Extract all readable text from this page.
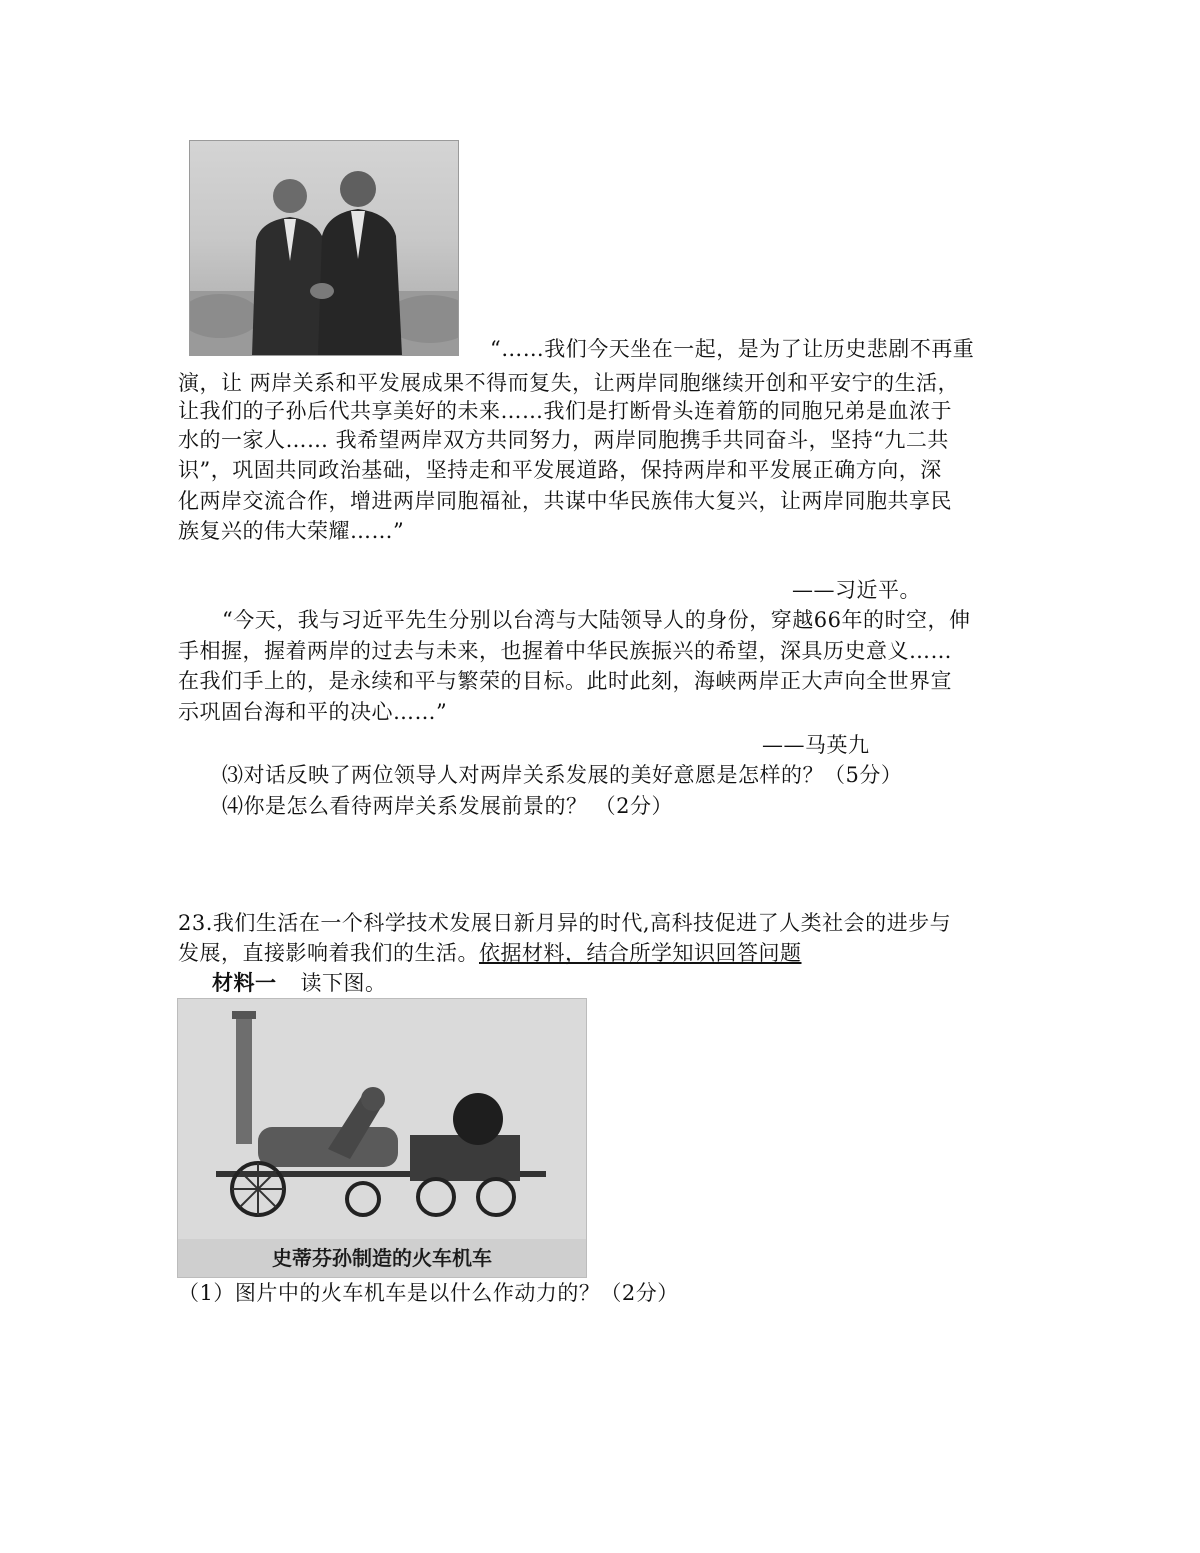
“……我们今天坐在一起，是为了让历史悲剧不再重
演，让 两岸关系和平发展成果不得而复失，让两岸同胞继续开创和平安宁的生活，
让我们的子孙后代共享美好的未来……我们是打断骨头连着筋的同胞兄弟是血浓于
水的一家人…… 我希望两岸双方共同努力，两岸同胞携手共同奋斗，坚持“九二共
识”，巩固共同政治基础，坚持走和平发展道路，保持两岸和平发展正确方向，深
化两岸交流合作，增进两岸同胞福祉，共谋中华民族伟大复兴，让两岸同胞共享民
族复兴的伟大荣耀……”
——习近平。
“今天，我与习近平先生分别以台湾与大陆领导人的身份，穿越66年的时空，伸
手相握，握着两岸的过去与未来，也握着中华民族振兴的希望，深具历史意义……
在我们手上的，是永续和平与繁荣的目标。此时此刻，海峡两岸正大声向全世界宣
示巩固台海和平的决心……”
——马英九
⑶对话反映了两位领导人对两岸关系发展的美好意愿是怎样的？（5分）
⑷你是怎么看待两岸关系发展前景的？ （2分）
23.我们生活在一个科学技术发展日新月异的时代,高科技促进了人类社会的进步与
发展，直接影响着我们的生活。依据材料，结合所学知识回答问题
材料一 读下图。
史蒂芬孙制造的火车机车
（1）图片中的火车机车是以什么作动力的？（2分）
